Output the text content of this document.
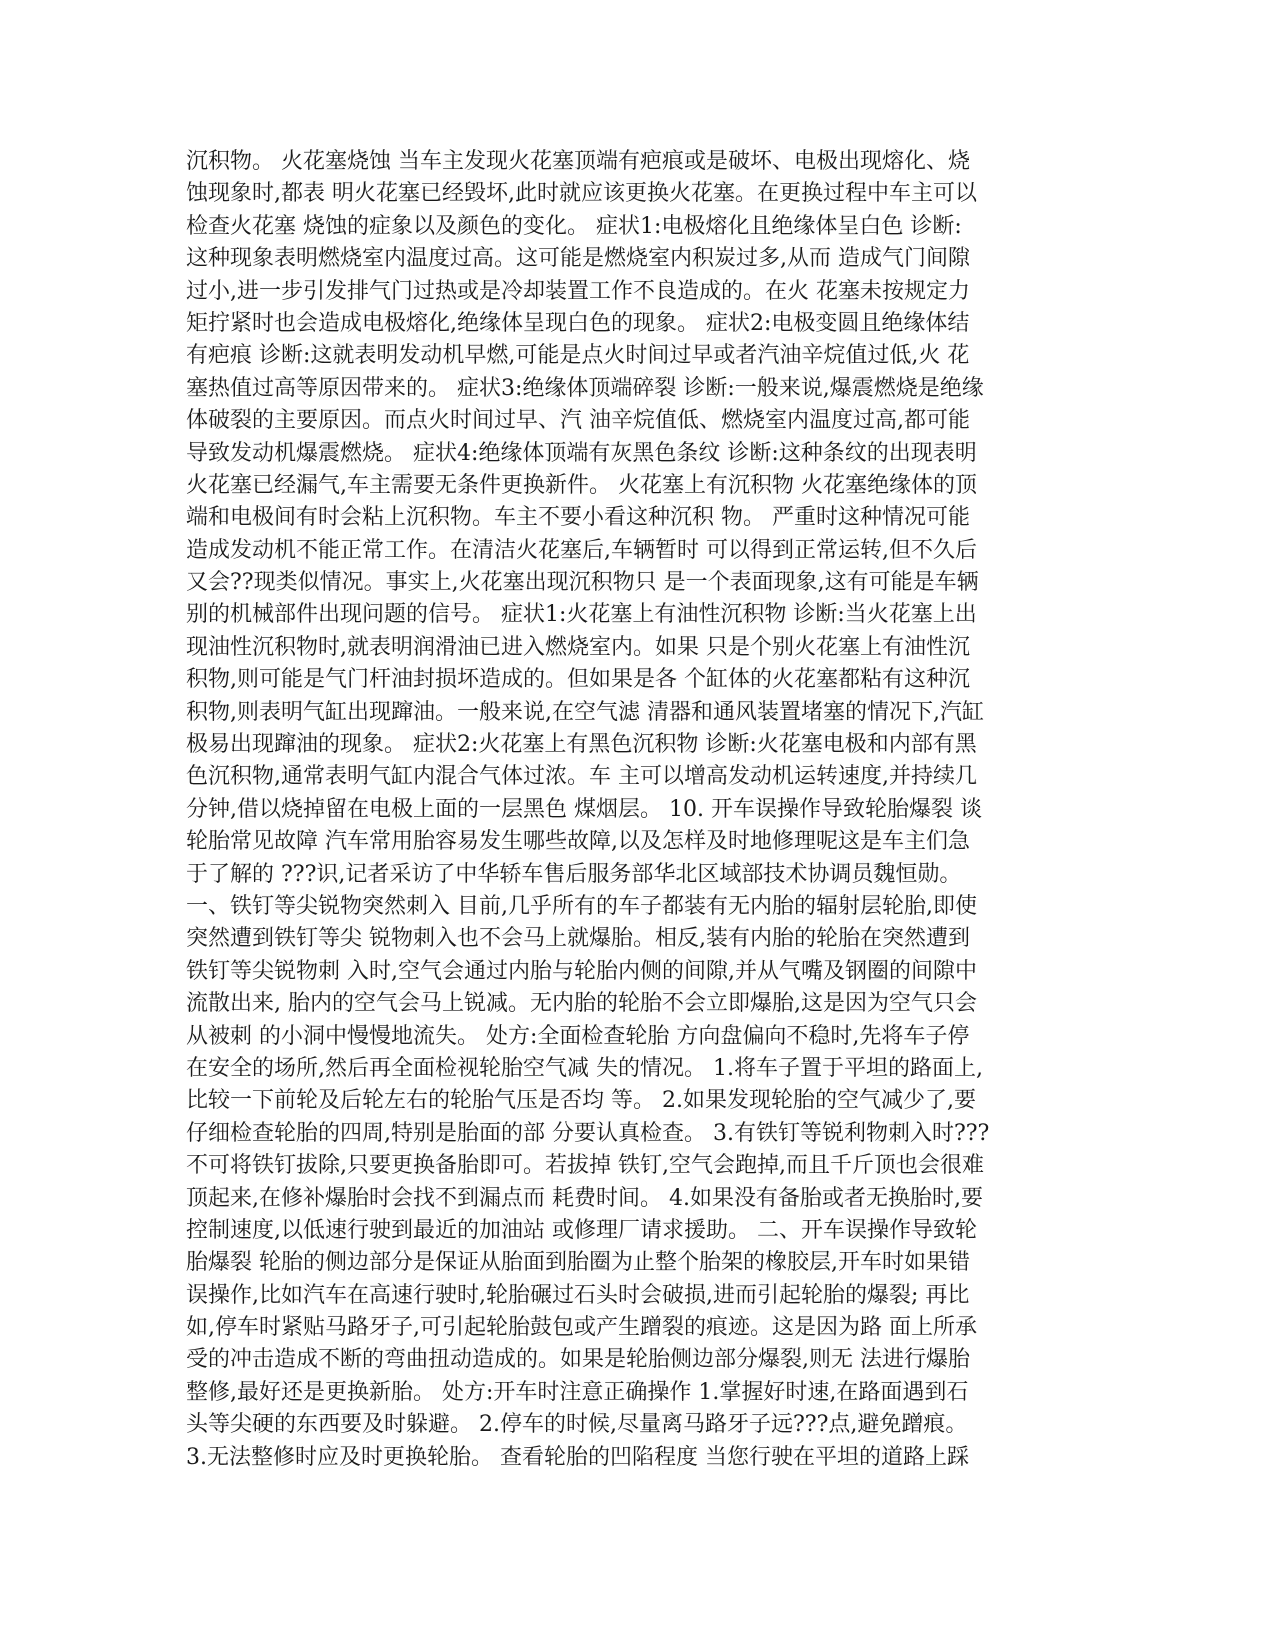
沉积物。 火花塞烧蚀 当车主发现火花塞顶端有疤痕或是破坏、电极出现熔化、烧
蚀现象时,都表 明火花塞已经毁坏,此时就应该更换火花塞。在更换过程中车主可以
检查火花塞 烧蚀的症象以及颜色的变化。 症状1:电极熔化且绝缘体呈白色 诊断:
这种现象表明燃烧室内温度过高。这可能是燃烧室内积炭过多,从而 造成气门间隙
过小,进一步引发排气门过热或是冷却装置工作不良造成的。在火 花塞未按规定力
矩拧紧时也会造成电极熔化,绝缘体呈现白色的现象。 症状2:电极变圆且绝缘体结
有疤痕 诊断:这就表明发动机早燃,可能是点火时间过早或者汽油辛烷值过低,火 花
塞热值过高等原因带来的。 症状3:绝缘体顶端碎裂 诊断:一般来说,爆震燃烧是绝缘
体破裂的主要原因。而点火时间过早、汽 油辛烷值低、燃烧室内温度过高,都可能
导致发动机爆震燃烧。 症状4:绝缘体顶端有灰黑色条纹 诊断:这种条纹的出现表明
火花塞已经漏气,车主需要无条件更换新件。 火花塞上有沉积物 火花塞绝缘体的顶
端和电极间有时会粘上沉积物。车主不要小看这种沉积 物。 严重时这种情况可能
造成发动机不能正常工作。在清洁火花塞后,车辆暂时 可以得到正常运转,但不久后
又会??现类似情况。事实上,火花塞出现沉积物只 是一个表面现象,这有可能是车辆
别的机械部件出现问题的信号。 症状1:火花塞上有油性沉积物 诊断:当火花塞上出
现油性沉积物时,就表明润滑油已进入燃烧室内。如果 只是个别火花塞上有油性沉
积物,则可能是气门杆油封损坏造成的。但如果是各 个缸体的火花塞都粘有这种沉
积物,则表明气缸出现蹿油。一般来说,在空气滤 清器和通风装置堵塞的情况下,汽缸
极易出现蹿油的现象。 症状2:火花塞上有黑色沉积物 诊断:火花塞电极和内部有黑
色沉积物,通常表明气缸内混合气体过浓。车 主可以增高发动机运转速度,并持续几
分钟,借以烧掉留在电极上面的一层黑色 煤烟层。 10. 开车误操作导致轮胎爆裂 谈
轮胎常见故障 汽车常用胎容易发生哪些故障,以及怎样及时地修理呢这是车主们急
于了解的 ???识,记者采访了中华轿车售后服务部华北区域部技术协调员魏恒勋。
一、铁钉等尖锐物突然刺入 目前,几乎所有的车子都装有无内胎的辐射层轮胎,即使
突然遭到铁钉等尖 锐物刺入也不会马上就爆胎。相反,装有内胎的轮胎在突然遭到
铁钉等尖锐物刺 入时,空气会通过内胎与轮胎内侧的间隙,并从气嘴及钢圈的间隙中
流散出来, 胎内的空气会马上锐减。无内胎的轮胎不会立即爆胎,这是因为空气只会
从被刺 的小洞中慢慢地流失。 处方:全面检查轮胎 方向盘偏向不稳时,先将车子停
在安全的场所,然后再全面检视轮胎空气减 失的情况。 1.将车子置于平坦的路面上,
比较一下前轮及后轮左右的轮胎气压是否均 等。 2.如果发现轮胎的空气减少了,要
仔细检查轮胎的四周,特别是胎面的部 分要认真检查。 3.有铁钉等锐利物刺入时???
不可将铁钉拔除,只要更换备胎即可。若拔掉 铁钉,空气会跑掉,而且千斤顶也会很难
顶起来,在修补爆胎时会找不到漏点而 耗费时间。 4.如果没有备胎或者无换胎时,要
控制速度,以低速行驶到最近的加油站 或修理厂请求援助。 二、开车误操作导致轮
胎爆裂 轮胎的侧边部分是保证从胎面到胎圈为止整个胎架的橡胶层,开车时如果错
误操作,比如汽车在高速行驶时,轮胎碾过石头时会破损,进而引起轮胎的爆裂; 再比
如,停车时紧贴马路牙子,可引起轮胎鼓包或产生蹭裂的痕迹。这是因为路 面上所承
受的冲击造成不断的弯曲扭动造成的。如果是轮胎侧边部分爆裂,则无 法进行爆胎
整修,最好还是更换新胎。 处方:开车时注意正确操作 1.掌握好时速,在路面遇到石
头等尖硬的东西要及时躲避。 2.停车的时候,尽量离马路牙子远???点,避免蹭痕。
3.无法整修时应及时更换轮胎。 查看轮胎的凹陷程度 当您行驶在平坦的道路上踩
